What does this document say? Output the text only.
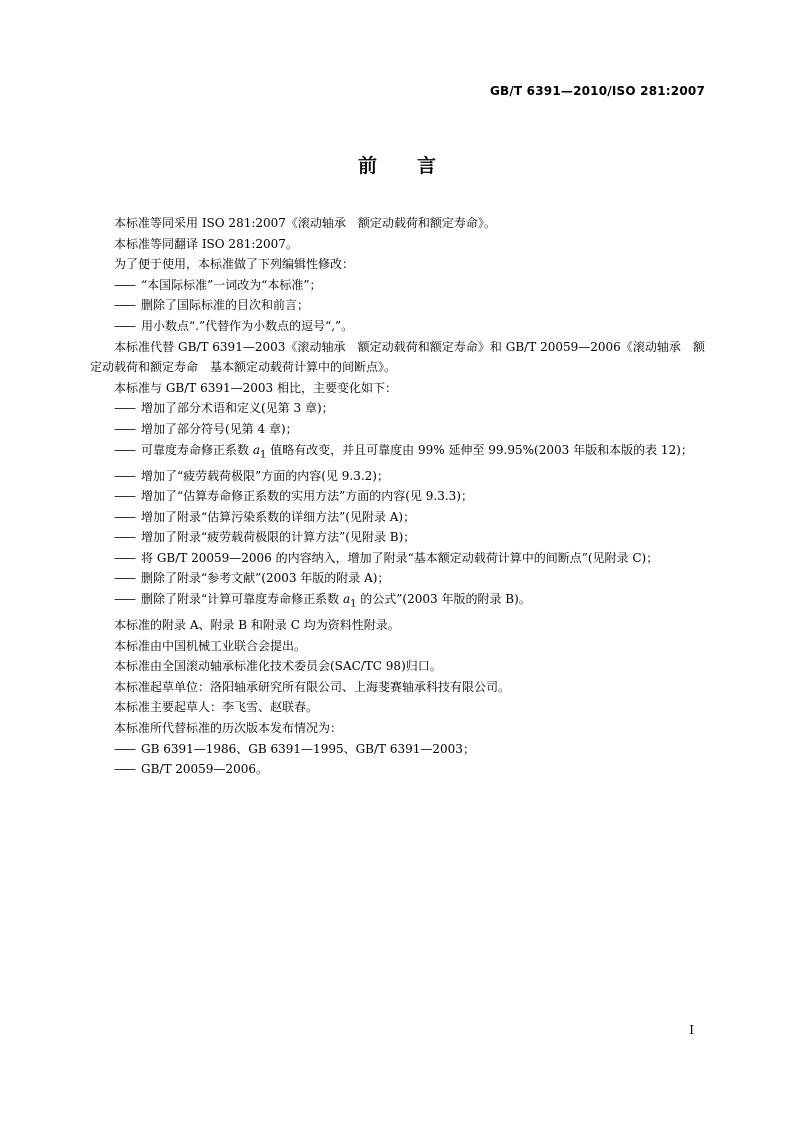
GB/T 6391—2010/ISO 281:2007
前 言

本标准等同采用 ISO 281:2007《滚动轴承　额定动载荷和额定寿命》。

本标准等同翻译 ISO 281:2007。

为了便于使用，本标准做了下列编辑性修改：

—— “本国际标准”一词改为“本标准”；

—— 删除了国际标准的目次和前言；

—— 用小数点“.”代替作为小数点的逗号“,”。

本标准代替 GB/T 6391—2003《滚动轴承　额定动载荷和额定寿命》和 GB/T 20059—2006《滚动轴承　额定动载荷和额定寿命　基本额定动载荷计算中的间断点》。

本标准与 GB/T 6391—2003 相比，主要变化如下：

—— 增加了部分术语和定义(见第 3 章)；

—— 增加了部分符号(见第 4 章)；

—— 可靠度寿命修正系数 $a_1$ 值略有改变，并且可靠度由 99% 延伸至 99.95%(2003 年版和本版的表 12)；

—— 增加了“疲劳载荷极限”方面的内容(见 9.3.2)；

—— 增加了“估算寿命修正系数的实用方法”方面的内容(见 9.3.3)；

—— 增加了附录“估算污染系数的详细方法”(见附录 A)；

—— 增加了附录“疲劳载荷极限的计算方法”(见附录 B)；

—— 将 GB/T 20059—2006 的内容纳入，增加了附录“基本额定动载荷计算中的间断点”(见附录 C)；

—— 删除了附录“参考文献”(2003 年版的附录 A)；

—— 删除了附录“计算可靠度寿命修正系数 $a_1$ 的公式”(2003 年版的附录 B)。

本标准的附录 A、附录 B 和附录 C 均为资料性附录。

本标准由中国机械工业联合会提出。

本标准由全国滚动轴承标准化技术委员会(SAC/TC 98)归口。

本标准起草单位：洛阳轴承研究所有限公司、上海斐赛轴承科技有限公司。

本标准主要起草人：李飞雪、赵联春。

本标准所代替标准的历次版本发布情况为：

—— GB 6391—1986、GB 6391—1995、GB/T 6391—2003；

—— GB/T 20059—2006。

I
